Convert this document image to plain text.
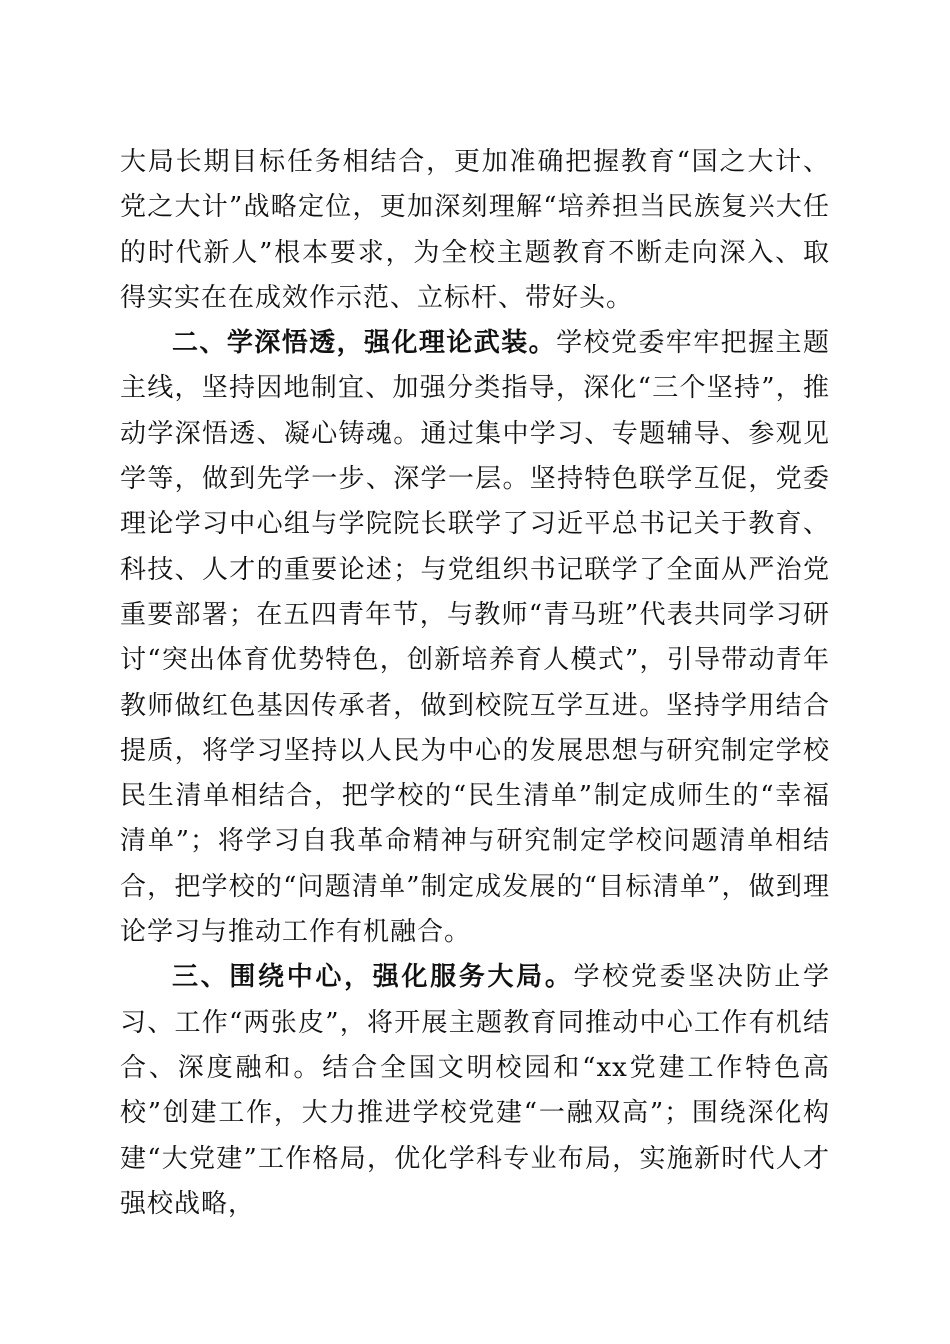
大局长期目标任务相结合，更加准确把握教育“国之大计、党之大计”战略定位，更加深刻理解“培养担当民族复兴大任的时代新人”根本要求，为全校主题教育不断走向深入、取得实实在在成效作示范、立标杆、带好头。

二、学深悟透，强化理论武装。学校党委牢牢把握主题主线，坚持因地制宜、加强分类指导，深化“三个坚持”，推动学深悟透、凝心铸魂。通过集中学习、专题辅导、参观见学等，做到先学一步、深学一层。坚持特色联学互促，党委理论学习中心组与学院院长联学了习近平总书记关于教育、科技、人才的重要论述；与党组织书记联学了全面从严治党重要部署；在五四青年节，与教师“青马班”代表共同学习研讨“突出体育优势特色，创新培养育人模式”，引导带动青年教师做红色基因传承者，做到校院互学互进。坚持学用结合提质，将学习坚持以人民为中心的发展思想与研究制定学校民生清单相结合，把学校的“民生清单”制定成师生的“幸福清单”；将学习自我革命精神与研究制定学校问题清单相结合，把学校的“问题清单”制定成发展的“目标清单”，做到理论学习与推动工作有机融合。

三、围绕中心，强化服务大局。学校党委坚决防止学习、工作“两张皮”，将开展主题教育同推动中心工作有机结合、深度融和。结合全国文明校园和“xx党建工作特色高校”创建工作，大力推进学校党建“一融双高”；围绕深化构建“大党建”工作格局，优化学科专业布局，实施新时代人才强校战略，
